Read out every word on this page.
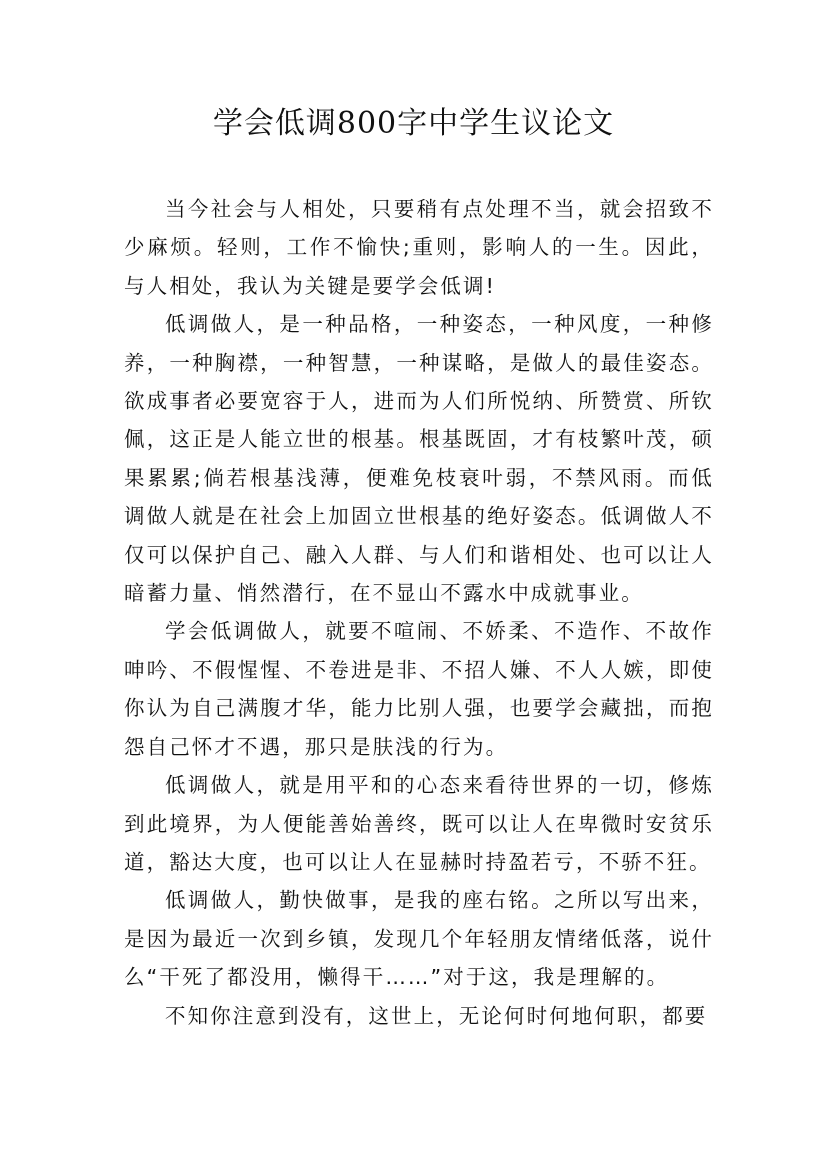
学会低调800字中学生议论文

当今社会与人相处，只要稍有点处理不当，就会招致不少麻烦。轻则，工作不愉快;重则，影响人的一生。因此，与人相处，我认为关键是要学会低调!

低调做人，是一种品格，一种姿态，一种风度，一种修养，一种胸襟，一种智慧，一种谋略，是做人的最佳姿态。欲成事者必要宽容于人，进而为人们所悦纳、所赞赏、所钦佩，这正是人能立世的根基。根基既固，才有枝繁叶茂，硕果累累;倘若根基浅薄，便难免枝衰叶弱，不禁风雨。而低调做人就是在社会上加固立世根基的绝好姿态。低调做人不仅可以保护自己、融入人群、与人们和谐相处、也可以让人暗蓄力量、悄然潜行，在不显山不露水中成就事业。

学会低调做人，就要不喧闹、不娇柔、不造作、不故作呻吟、不假惺惺、不卷进是非、不招人嫌、不人人嫉，即使你认为自己满腹才华，能力比别人强，也要学会藏拙，而抱怨自己怀才不遇，那只是肤浅的行为。

低调做人，就是用平和的心态来看待世界的一切，修炼到此境界，为人便能善始善终，既可以让人在卑微时安贫乐道，豁达大度，也可以让人在显赫时持盈若亏，不骄不狂。

低调做人，勤快做事，是我的座右铭。之所以写出来，是因为最近一次到乡镇，发现几个年轻朋友情绪低落，说什么“干死了都没用，懒得干……”对于这，我是理解的。

不知你注意到没有，这世上，无论何时何地何职，都要
